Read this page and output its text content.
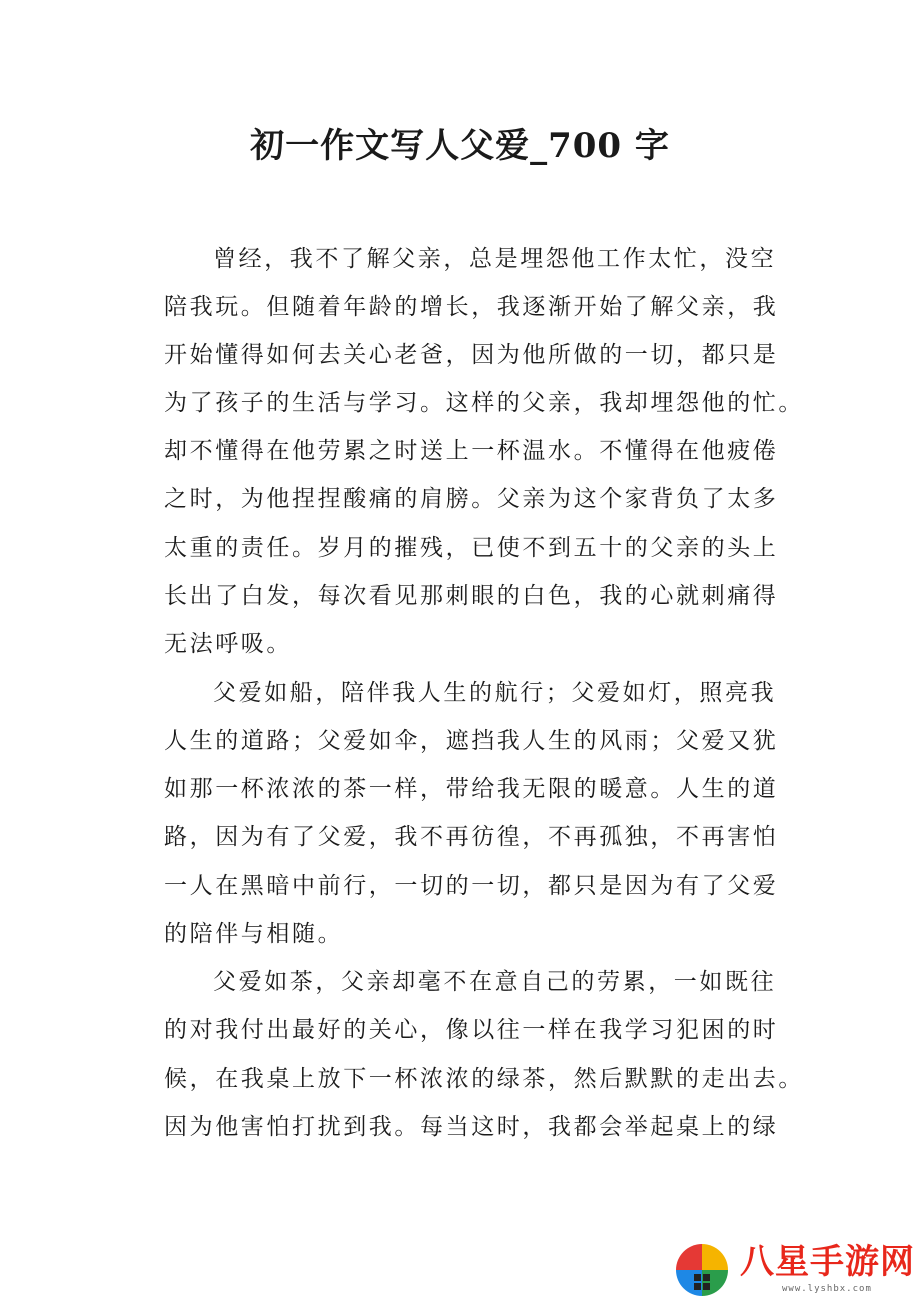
初一作文写人父爱_700 字
曾经，我不了解父亲，总是埋怨他工作太忙，没空
陪我玩。但随着年龄的增长，我逐渐开始了解父亲，我
开始懂得如何去关心老爸，因为他所做的一切，都只是
为了孩子的生活与学习。这样的父亲，我却埋怨他的忙。
却不懂得在他劳累之时送上一杯温水。不懂得在他疲倦
之时，为他捏捏酸痛的肩膀。父亲为这个家背负了太多
太重的责任。岁月的摧残，已使不到五十的父亲的头上
长出了白发，每次看见那刺眼的白色，我的心就刺痛得
无法呼吸。
父爱如船，陪伴我人生的航行；父爱如灯，照亮我
人生的道路；父爱如伞，遮挡我人生的风雨；父爱又犹
如那一杯浓浓的茶一样，带给我无限的暖意。人生的道
路，因为有了父爱，我不再彷徨，不再孤独，不再害怕
一人在黑暗中前行，一切的一切，都只是因为有了父爱
的陪伴与相随。
父爱如茶，父亲却毫不在意自己的劳累，一如既往
的对我付出最好的关心，像以往一样在我学习犯困的时
候，在我桌上放下一杯浓浓的绿茶，然后默默的走出去。
因为他害怕打扰到我。每当这时，我都会举起桌上的绿
八星手游网
www.lyshbx.com
